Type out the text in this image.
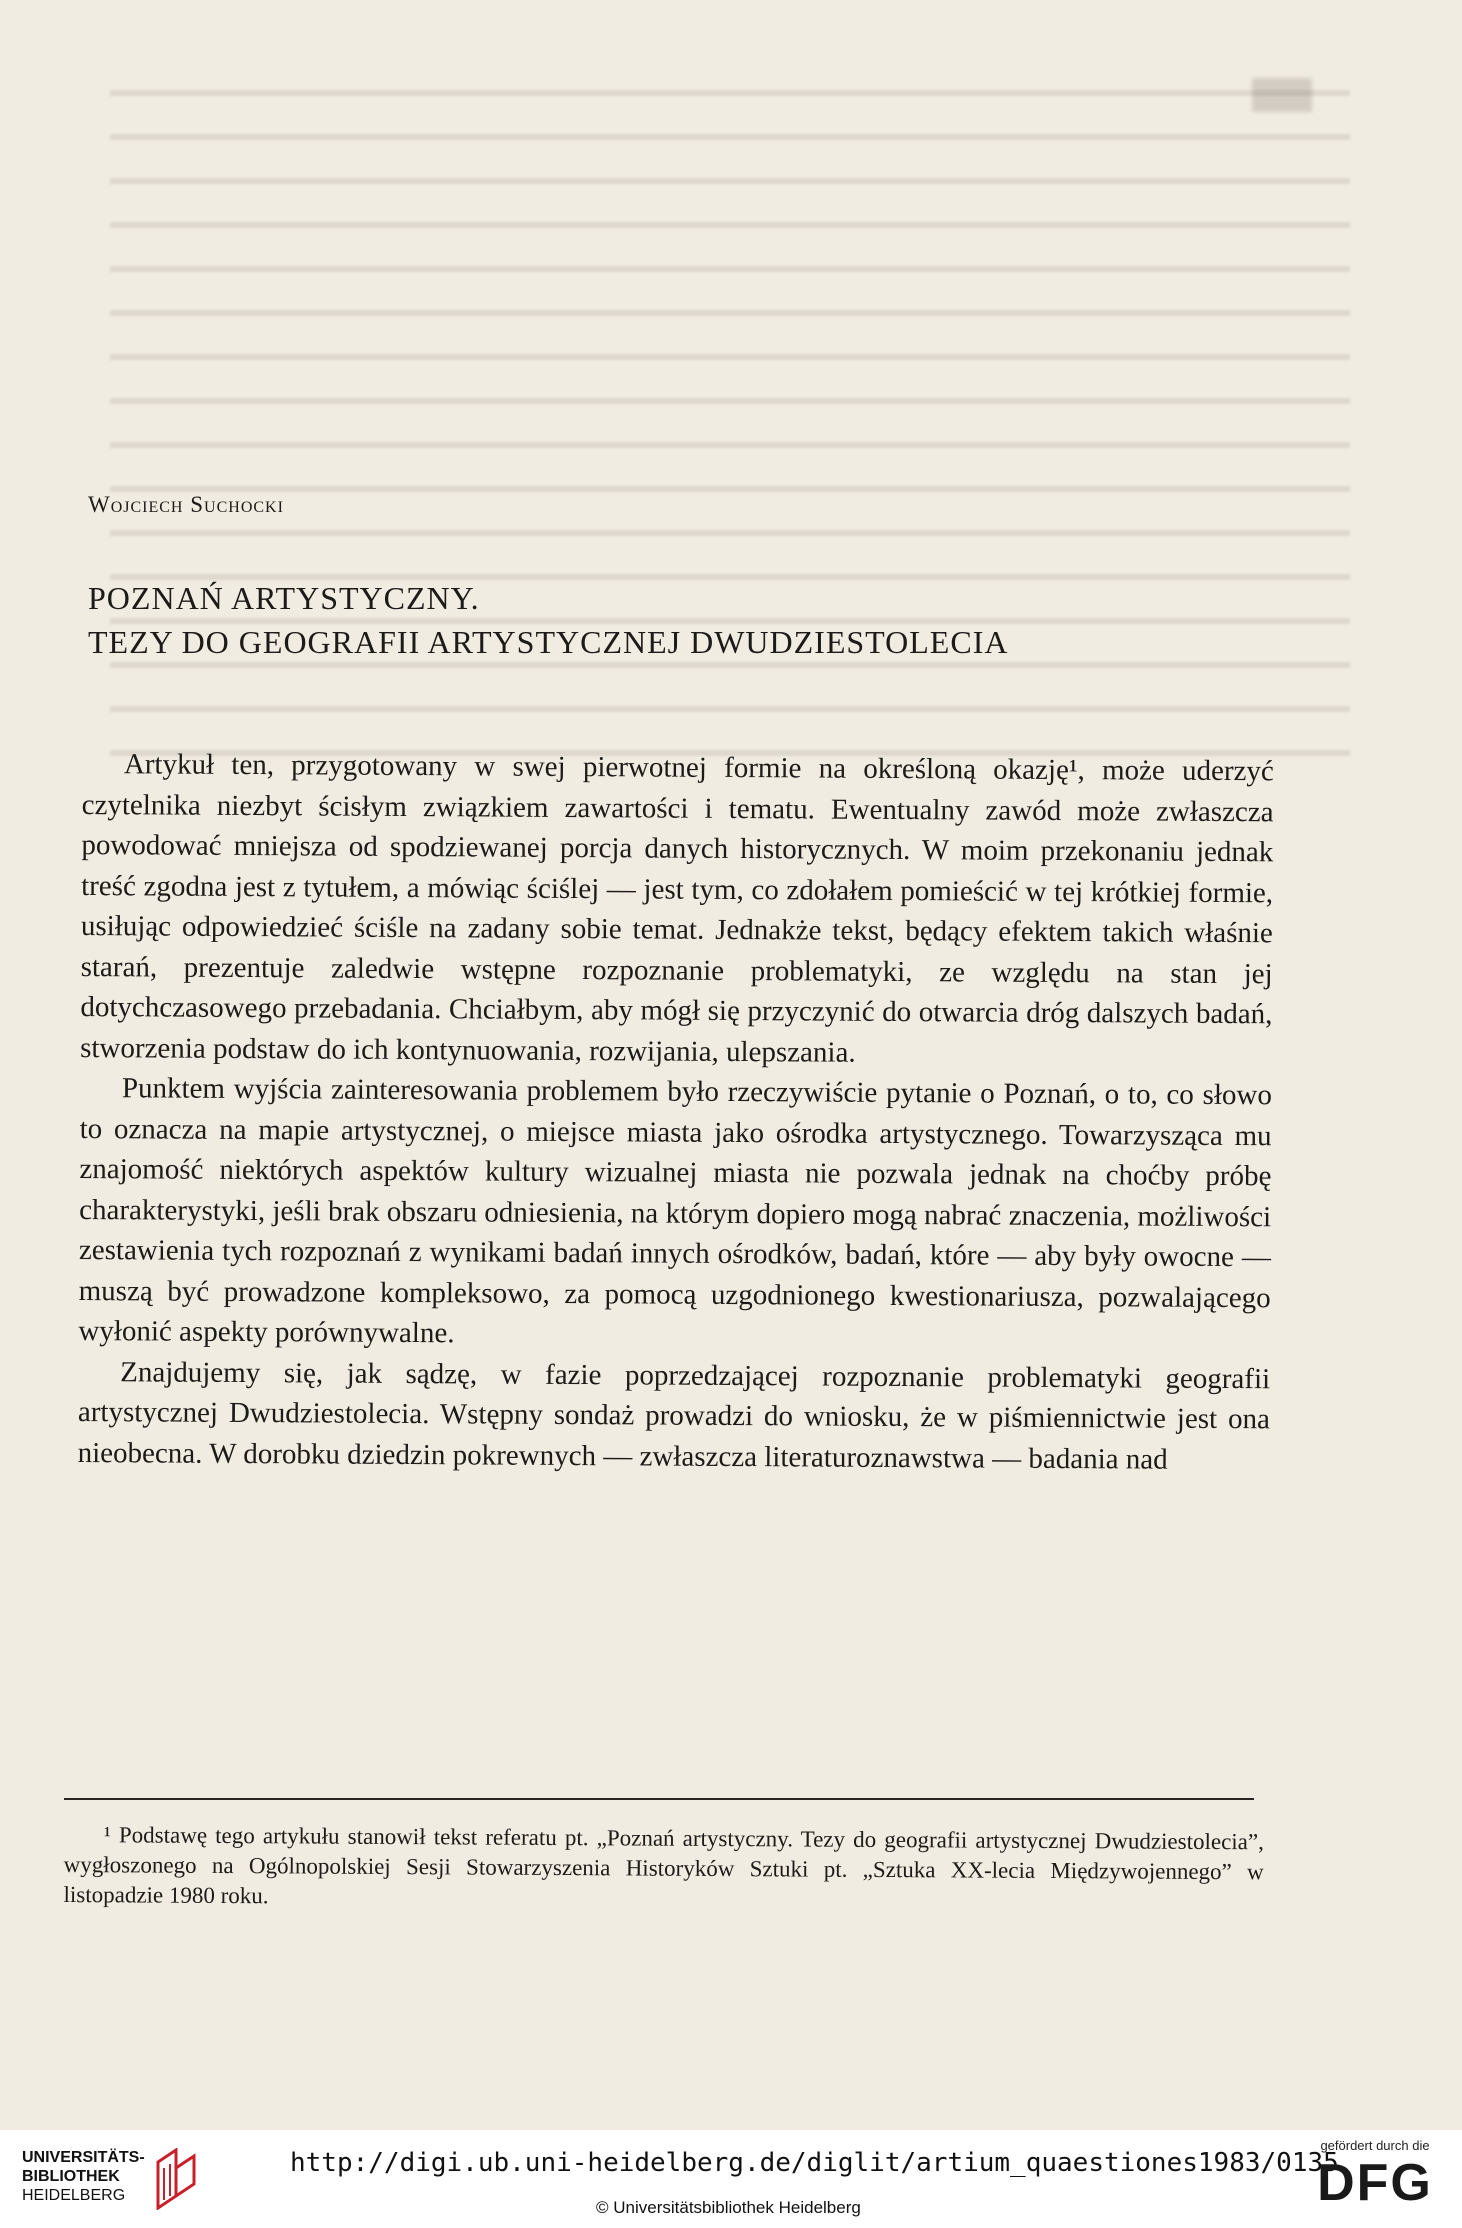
Wojciech Suchocki
POZNAŃ ARTYSTYCZNY.
TEZY DO GEOGRAFII ARTYSTYCZNEJ DWUDZIESTOLECIA

Artykuł ten, przygotowany w swej pierwotnej formie na określoną okazję¹, może uderzyć czytelnika niezbyt ścisłym związkiem zawartości i tematu. Ewentualny zawód może zwłaszcza powodować mniejsza od spodziewanej porcja danych historycznych. W moim przekonaniu jednak treść zgodna jest z tytułem, a mówiąc ściślej — jest tym, co zdołałem pomieścić w tej krótkiej formie, usiłując odpowiedzieć ściśle na zadany sobie temat. Jednakże tekst, będący efektem takich właśnie starań, prezentuje zaledwie wstępne rozpoznanie problematyki, ze względu na stan jej dotychczasowego przebadania. Chciałbym, aby mógł się przyczynić do otwarcia dróg dalszych badań, stworzenia podstaw do ich kontynuowania, rozwijania, ulepszania.

Punktem wyjścia zainteresowania problemem było rzeczywiście pytanie o Poznań, o to, co słowo to oznacza na mapie artystycznej, o miejsce miasta jako ośrodka artystycznego. Towarzysząca mu znajomość niektórych aspektów kultury wizualnej miasta nie pozwala jednak na choćby próbę charakterystyki, jeśli brak obszaru odniesienia, na którym dopiero mogą nabrać znaczenia, możliwości zestawienia tych rozpoznań z wynikami badań innych ośrodków, badań, które — aby były owocne — muszą być prowadzone kompleksowo, za pomocą uzgodnionego kwestionariusza, pozwalającego wyłonić aspekty porównywalne.

Znajdujemy się, jak sądzę, w fazie poprzedzającej rozpoznanie problematyki geografii artystycznej Dwudziestolecia. Wstępny sondaż prowadzi do wniosku, że w piśmiennictwie jest ona nieobecna. W dorobku dziedzin pokrewnych — zwłaszcza literaturoznawstwa — badania nad

¹ Podstawę tego artykułu stanowił tekst referatu pt. „Poznań artystyczny. Tezy do geografii artystycznej Dwudziestolecia”, wygłoszonego na Ogólnopolskiej Sesji Stowarzyszenia Historyków Sztuki pt. „Sztuka XX-lecia Międzywojennego” w listopadzie 1980 roku.
UNIVERSITÄTS-
BIBLIOTHEK
HEIDELBERG
http://digi.ub.uni-heidelberg.de/diglit/artium_quaestiones1983/0135
© Universitätsbibliothek Heidelberg
gefördert durch die
DFG
